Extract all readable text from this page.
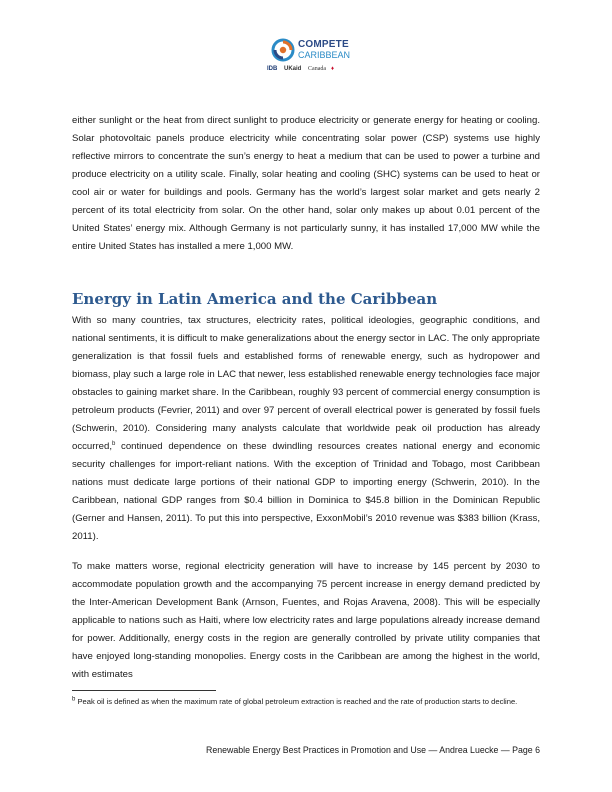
COMPETE
CARIBBEAN
IDB UKaid Canada ♦

either sunlight or the heat from direct sunlight to produce electricity or generate energy for heating or cooling. Solar photovoltaic panels produce electricity while concentrating solar power (CSP) systems use highly reflective mirrors to concentrate the sun’s energy to heat a medium that can be used to power a turbine and produce electricity on a utility scale. Finally, solar heating and cooling (SHC) systems can be used to heat or cool air or water for buildings and pools. Germany has the world’s largest solar market and gets nearly 2 percent of its total electricity from solar. On the other hand, solar only makes up about 0.01 percent of the United States’ energy mix. Although Germany is not particularly sunny, it has installed 17,000 MW while the entire United States has installed a mere 1,000 MW.

Energy in Latin America and the Caribbean

With so many countries, tax structures, electricity rates, political ideologies, geographic conditions, and national sentiments, it is difficult to make generalizations about the energy sector in LAC. The only appropriate generalization is that fossil fuels and established forms of renewable energy, such as hydropower and biomass, play such a large role in LAC that newer, less established renewable energy technologies face major obstacles to gaining market share. In the Caribbean, roughly 93 percent of commercial energy consumption is petroleum products (Fevrier, 2011) and over 97 percent of overall electrical power is generated by fossil fuels (Schwerin, 2010). Considering many analysts calculate that worldwide peak oil production has already occurred,$^b$ continued dependence on these dwindling resources creates national energy and economic security challenges for import-reliant nations. With the exception of Trinidad and Tobago, most Caribbean nations must dedicate large portions of their national GDP to importing energy (Schwerin, 2010). In the Caribbean, national GDP ranges from $0.4 billion in Dominica to $45.8 billion in the Dominican Republic (Gerner and Hansen, 2011). To put this into perspective, ExxonMobil’s 2010 revenue was $383 billion (Krass, 2011).

To make matters worse, regional electricity generation will have to increase by 145 percent by 2030 to accommodate population growth and the accompanying 75 percent increase in energy demand predicted by the Inter-American Development Bank (Arnson, Fuentes, and Rojas Aravena, 2008). This will be especially applicable to nations such as Haiti, where low electricity rates and large populations already increase demand for power. Additionally, energy costs in the region are generally controlled by private utility companies that have enjoyed long-standing monopolies. Energy costs in the Caribbean are among the highest in the world, with estimates

$^b$ Peak oil is defined as when the maximum rate of global petroleum extraction is reached and the rate of production starts to decline.

Renewable Energy Best Practices in Promotion and Use — Andrea Luecke — Page 6
